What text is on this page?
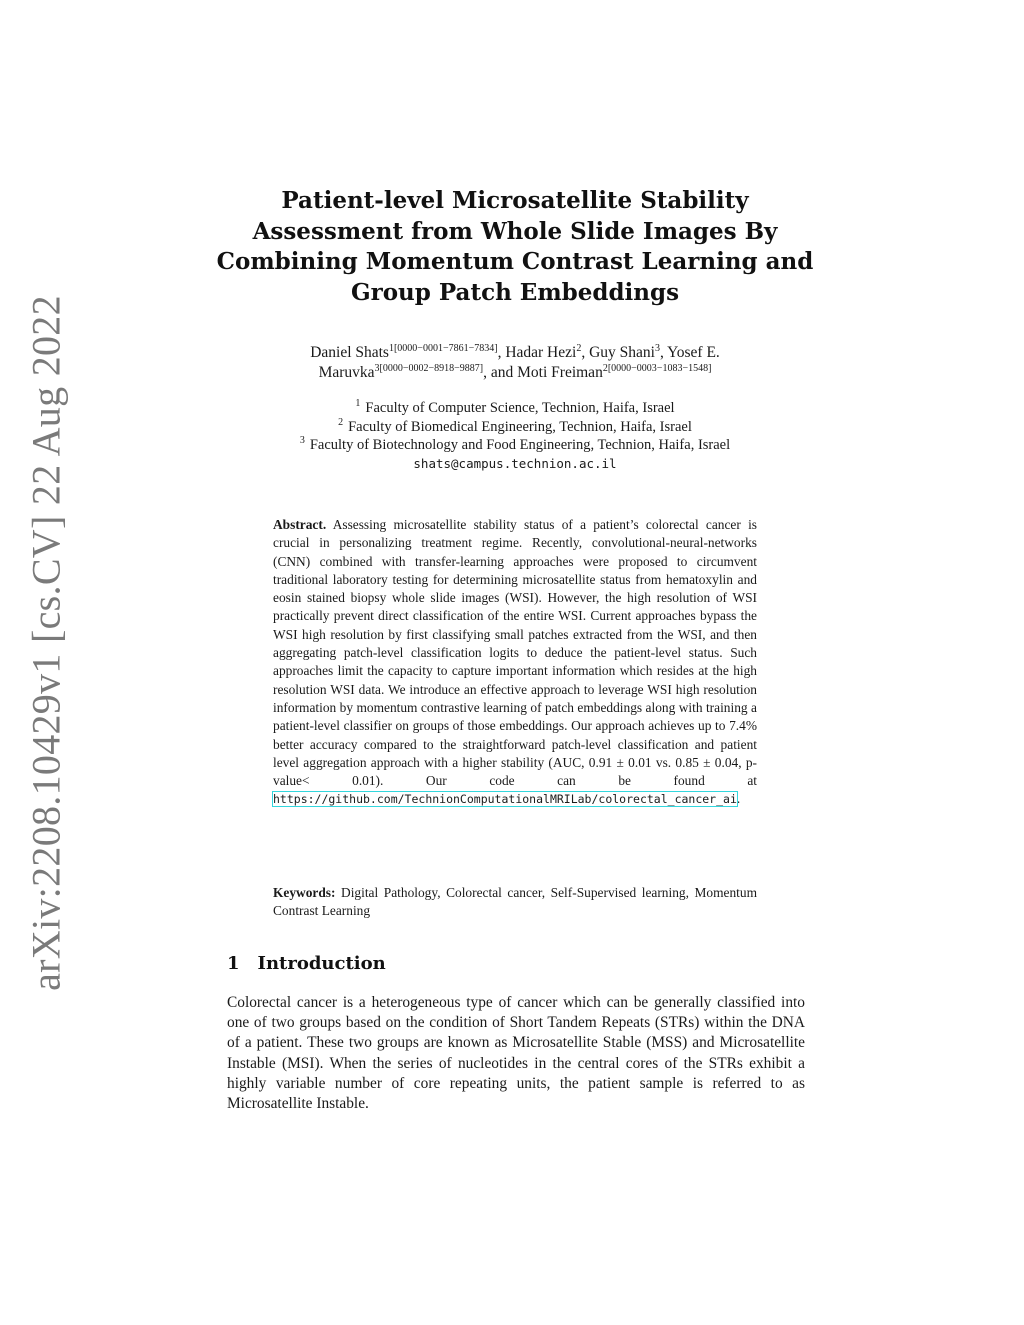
arXiv:2208.10429v1 [cs.CV] 22 Aug 2022
Patient-level Microsatellite Stability Assessment from Whole Slide Images By Combining Momentum Contrast Learning and Group Patch Embeddings
Daniel Shats$^{1[0000-0001-7861-7834]}$, Hadar Hezi$^2$, Guy Shani$^3$, Yosef E. Maruvka$^{3[0000-0002-8918-9887]}$, and Moti Freiman$^{2[0000-0003-1083-1548]}$
$^1$ Faculty of Computer Science, Technion, Haifa, Israel
$^2$ Faculty of Biomedical Engineering, Technion, Haifa, Israel
$^3$ Faculty of Biotechnology and Food Engineering, Technion, Haifa, Israel
shats@campus.technion.ac.il
Abstract. Assessing microsatellite stability status of a patient’s colorectal cancer is crucial in personalizing treatment regime. Recently, convolutional-neural-networks (CNN) combined with transfer-learning approaches were proposed to circumvent traditional laboratory testing for determining microsatellite status from hematoxylin and eosin stained biopsy whole slide images (WSI). However, the high resolution of WSI practically prevent direct classification of the entire WSI. Current approaches bypass the WSI high resolution by first classifying small patches extracted from the WSI, and then aggregating patch-level classification logits to deduce the patient-level status. Such approaches limit the capacity to capture important information which resides at the high resolution WSI data. We introduce an effective approach to leverage WSI high resolution information by momentum contrastive learning of patch embeddings along with training a patient-level classifier on groups of those embeddings. Our approach achieves up to 7.4% better accuracy compared to the straightforward patch-level classification and patient level aggregation approach with a higher stability (AUC, 0.91 ± 0.01 vs. 0.85 ± 0.04, p-value< 0.01). Our code can be found at https://github.com/TechnionComputationalMRILab/colorectal_cancer_ai.
Keywords: Digital Pathology, Colorectal cancer, Self-Supervised learning, Momentum Contrast Learning
1 Introduction

Colorectal cancer is a heterogeneous type of cancer which can be generally classified into one of two groups based on the condition of Short Tandem Repeats (STRs) within the DNA of a patient. These two groups are known as Microsatellite Stable (MSS) and Microsatellite Instable (MSI). When the series of nucleotides in the central cores of the STRs exhibit a highly variable number of core repeating units, the patient sample is referred to as Microsatellite Instable.
